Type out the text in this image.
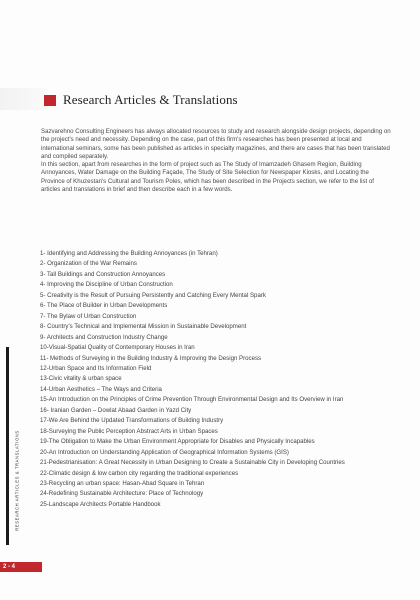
Research Articles & Translations

Sazvarehno Consulting Engineers has always allocated resources to study and research alongside design projects, depending on the project's need and necessity. Depending on the case, part of this firm's researches has been presented at local and international seminars, some has been published as articles in specialty magazines, and there are cases that has been translated and compiled separately.

In this section, apart from researches in the form of project such as The Study of Imamzadeh Ghasem Region, Building Annoyances, Water Damage on the Building Façade, The Study of Site Selection for Newspaper Kiosks, and Locating the Province of Khuzestan's Cultural and Tourism Poles, which has been described in the Projects section, we refer to the list of articles and translations in brief and then describe each in a few words.

1- Identifying and Addressing the Building Annoyances (in Tehran)
2- Organization of the War Remains
3- Tall Buildings and Construction Annoyances
4- Improving the Discipline of Urban Construction
5- Creativity is the Result of Pursuing Persistently and Catching Every Mental Spark
6- The Place of Builder in Urban Developments
7- The Bylaw of Urban Construction
8- Country's Technical and Implemental Mission in Sustainable Development
9- Architects and Construction Industry Change
10-Visual-Spatial Quality of Contemporary Houses in Iran
11- Methods of Surveying in the Building Industry & Improving the Design Process
12-Urban Space and Its Information Field
13-Civic vitality & urban space
14-Urban Aesthetics – The Ways and Criteria
15-An Introduction on the Principles of Crime Prevention Through Environmental Design and Its Overview in Iran
16- Iranian Garden – Dowlat Abaad Garden in Yazd City
17-We Are Behind the Updated Transformations of Building Industry
18-Surveying the Public Perception Abstract Arts in Urban Spaces
19-The Obligation to Make the Urban Environment Appropriate for Disables and Physically Incapables
20-An Introduction on Understanding Application of Geographical Information Systems (GIS)
21-Pedestrianisation: A Great Necessity in Urban Designing to Create a Sustainable City in Developing Countries
22-Climatic design & low carbon city regarding the traditional experiences
23-Recycling an urban space: Hasan-Abad Square in Tehran
24-Redefining Sustainable Architecture: Place of Technology
25-Landscape Architects Portable Handbook
RESEARCH ARTICLES & TRANSLATIONS
2 - 4
